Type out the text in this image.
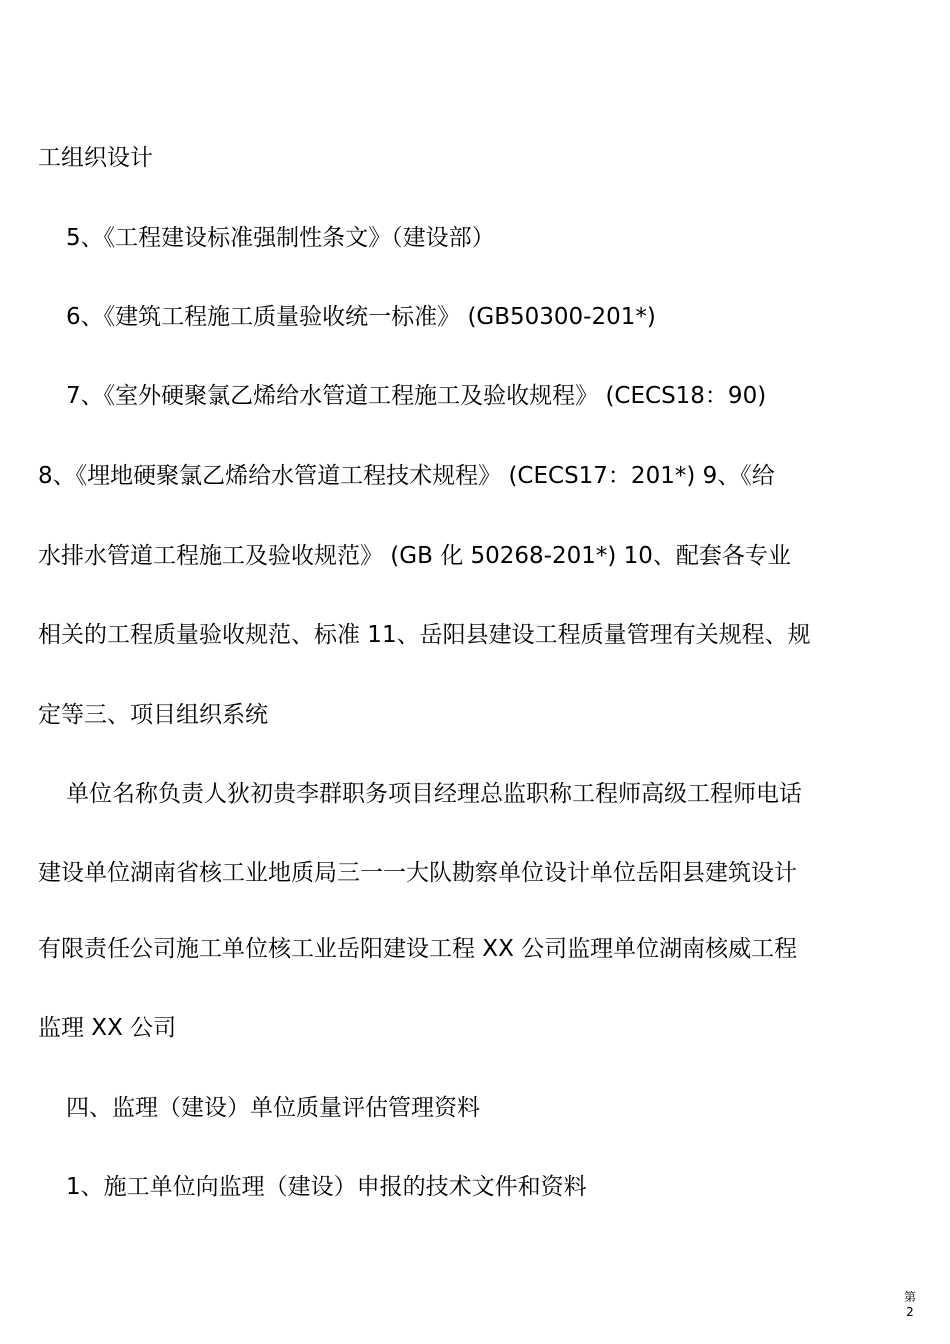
工组织设计
5、《工程建设标准强制性条文》（建设部）
6、《建筑工程施工质量验收统一标准》 (GB50300-201*)
7、《室外硬聚氯乙烯给水管道工程施工及验收规程》 (CECS18：90)
8、《埋地硬聚氯乙烯给水管道工程技术规程》 (CECS17：201*) 9、《给
水排水管道工程施工及验收规范》 (GB 化 50268-201*) 10、配套各专业
相关的工程质量验收规范、标准 11、岳阳县建设工程质量管理有关规程、规
定等三、项目组织系统
单位名称负责人狄初贵李群职务项目经理总监职称工程师高级工程师电话
建设单位湖南省核工业地质局三一一大队勘察单位设计单位岳阳县建筑设计
有限责任公司施工单位核工业岳阳建设工程 XX 公司监理单位湖南核威工程
监理 XX 公司
四、监理（建设）单位质量评估管理资料
1、施工单位向监理（建设）申报的技术文件和资料
第
2
